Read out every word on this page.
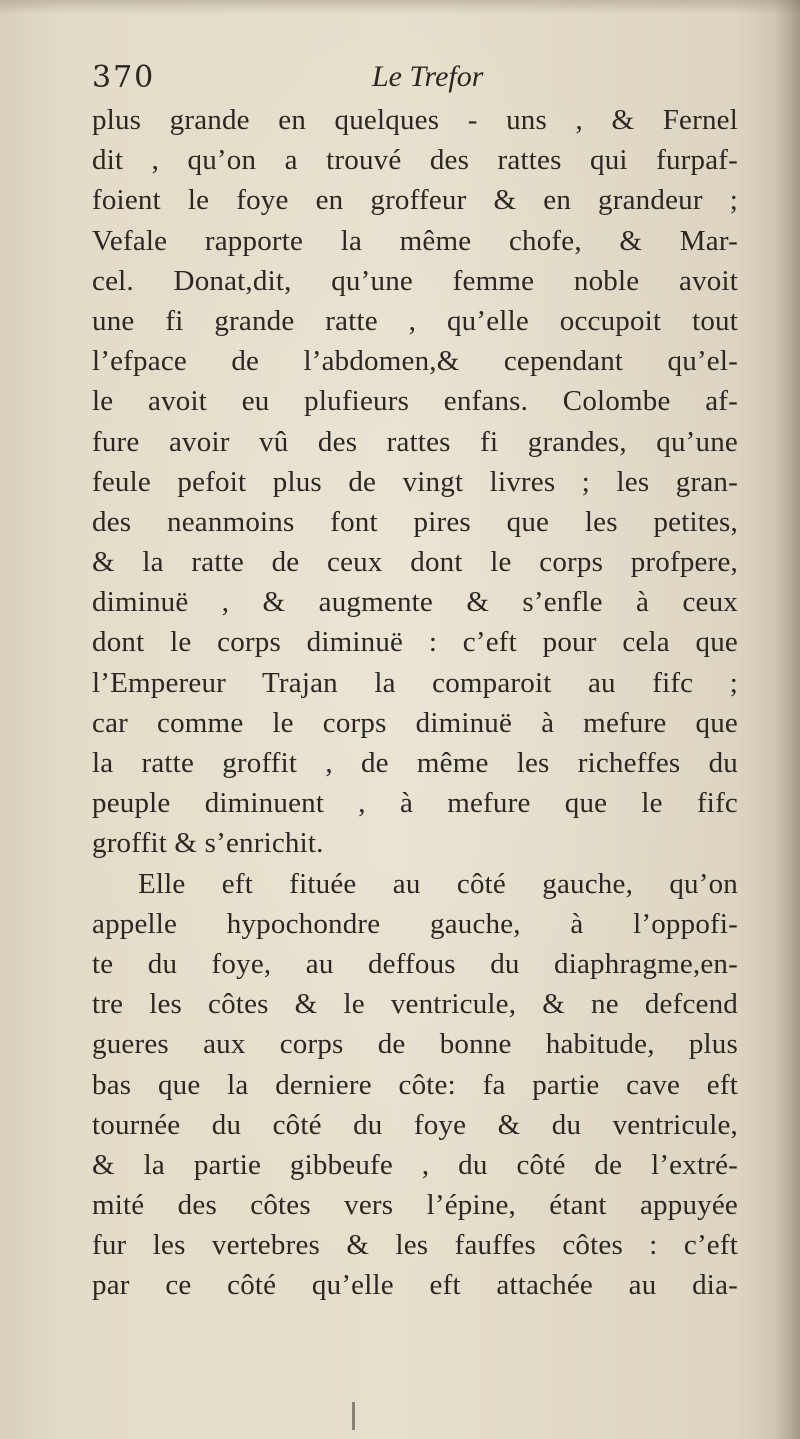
370	Le Trefor
plus grande en quelques - uns , & Fernel
dit , qu’on a trouvé des rattes qui furpaf-
foient le foye en groffeur & en grandeur ;
Vefale rapporte la même chofe, & Mar-
cel. Donat,dit, qu’une femme noble avoit
une fi grande ratte , qu’elle occupoit tout
l’efpace de l’abdomen,& cependant qu’el-
le avoit eu plufieurs enfans. Colombe af-
fure avoir vû des rattes fi grandes, qu’une
feule pefoit plus de vingt livres ; les gran-
des neanmoins font pires que les petites,
& la ratte de ceux dont le corps profpere,
diminuë , & augmente & s’enfle à ceux
dont le corps diminuë : c’eft pour cela que
l’Empereur Trajan la comparoit au fifc ;
car comme le corps diminuë à mefure que
la ratte groffit , de même les richeffes du
peuple diminuent , à mefure que le fifc
groffit & s’enrichit.
Elle eft fituée au côté gauche, qu’on
appelle hypochondre gauche, à l’oppofi-
te du foye, au deffous du diaphragme,en-
tre les côtes & le ventricule, & ne defcend
gueres aux corps de bonne habitude, plus
bas que la derniere côte: fa partie cave eft
tournée du côté du foye & du ventricule,
& la partie gibbeufe , du côté de l’extré-
mité des côtes vers l’épine, étant appuyée
fur les vertebres & les fauffes côtes : c’eft
par ce côté qu’elle eft attachée au dia-
